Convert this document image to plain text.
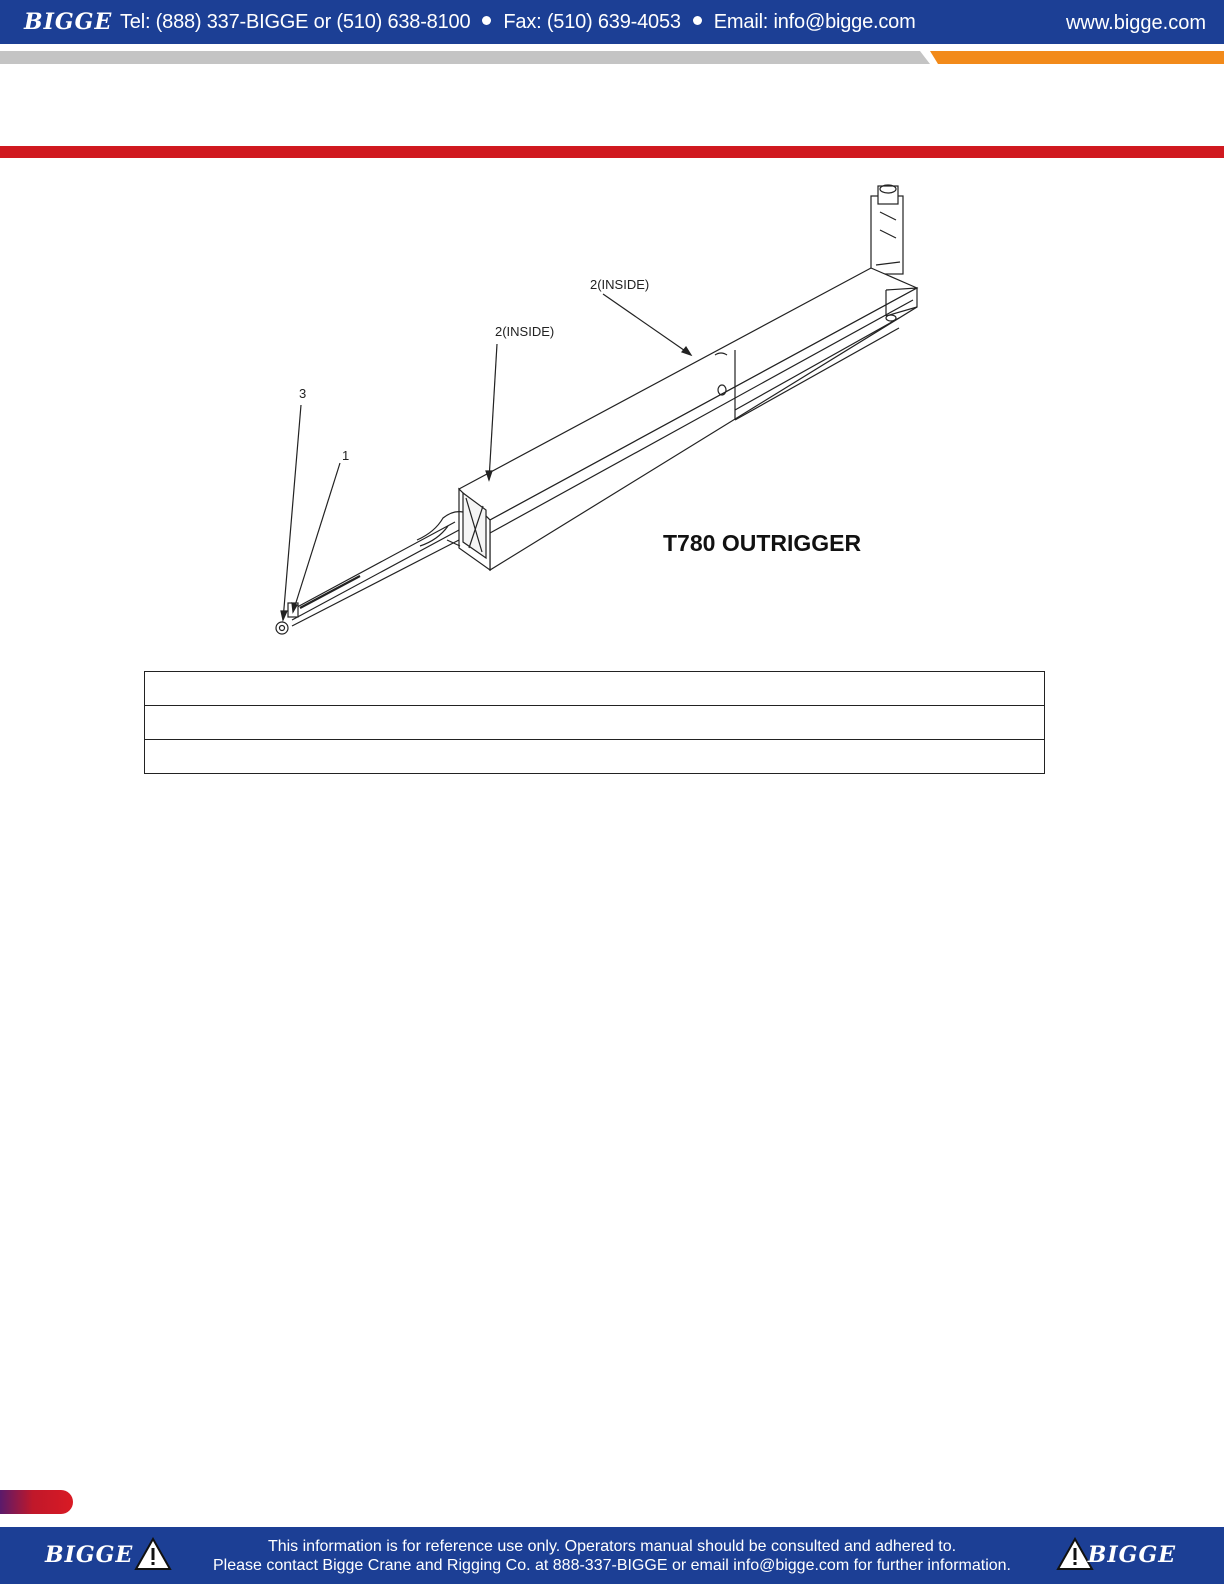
BIGGE Tel: (888) 337-BIGGE or (510) 638-8100 Fax: (510) 639-4053 Email: info@bigge.com	www.bigge.com
2(INSIDE)
2(INSIDE)
3
1
T780 OUTRIGGER

BIGGE	This information is for reference use only. Operators manual should be consulted and adhered to.
Please contact Bigge Crane and Rigging Co. at 888-337-BIGGE or email info@bigge.com for further information.	BIGGE
